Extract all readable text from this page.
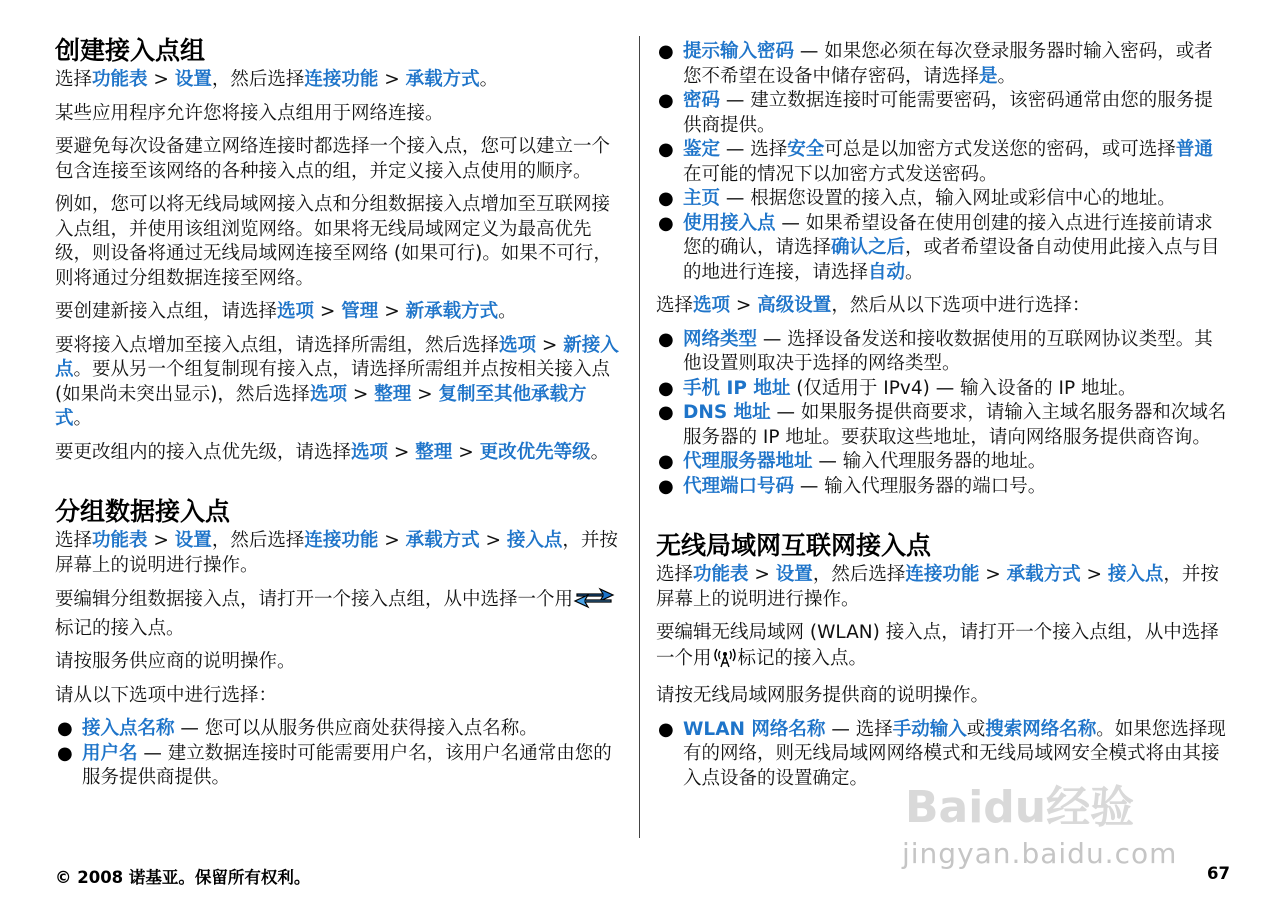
创建接入点组

选择功能表 > 设置，然后选择连接功能 > 承载方式。

某些应用程序允许您将接入点组用于网络连接。

要避免每次设备建立网络连接时都选择一个接入点，您可以建立一个包含连接至该网络的各种接入点的组，并定义接入点使用的顺序。

例如，您可以将无线局域网接入点和分组数据接入点增加至互联网接入点组，并使用该组浏览网络。如果将无线局域网定义为最高优先级，则设备将通过无线局域网连接至网络 (如果可行)。如果不可行，则将通过分组数据连接至网络。

要创建新接入点组，请选择选项 > 管理 > 新承载方式。

要将接入点增加至接入点组，请选择所需组，然后选择选项 > 新接入点。要从另一个组复制现有接入点，请选择所需组并点按相关接入点 (如果尚未突出显示)，然后选择选项 > 整理 > 复制至其他承载方式。

要更改组内的接入点优先级，请选择选项 > 整理 > 更改优先等级。

分组数据接入点

选择功能表 > 设置，然后选择连接功能 > 承载方式 > 接入点，并按屏幕上的说明进行操作。

要编辑分组数据接入点，请打开一个接入点组，从中选择一个用标记的接入点。

请按服务供应商的说明操作。

请从以下选项中进行选择：

● 接入点名称 — 您可以从服务供应商处获得接入点名称。
● 用户名 — 建立数据连接时可能需要用户名，该用户名通常由您的服务提供商提供。
● 提示输入密码 — 如果您必须在每次登录服务器时输入密码，或者您不希望在设备中储存密码，请选择是。
● 密码 — 建立数据连接时可能需要密码，该密码通常由您的服务提供商提供。
● 鉴定 — 选择安全可总是以加密方式发送您的密码，或可选择普通在可能的情况下以加密方式发送密码。
● 主页 — 根据您设置的接入点，输入网址或彩信中心的地址。
● 使用接入点 — 如果希望设备在使用创建的接入点进行连接前请求您的确认，请选择确认之后，或者希望设备自动使用此接入点与目的地进行连接，请选择自动。

选择选项 > 高级设置，然后从以下选项中进行选择：

● 网络类型 — 选择设备发送和接收数据使用的互联网协议类型。其他设置则取决于选择的网络类型。
● 手机 IP 地址 (仅适用于 IPv4) — 输入设备的 IP 地址。
● DNS 地址 — 如果服务提供商要求，请输入主域名服务器和次域名服务器的 IP 地址。要获取这些地址，请向网络服务提供商咨询。
● 代理服务器地址 — 输入代理服务器的地址。
● 代理端口号码 — 输入代理服务器的端口号。
无线局域网互联网接入点

选择功能表 > 设置，然后选择连接功能 > 承载方式 > 接入点，并按屏幕上的说明进行操作。

要编辑无线局域网 (WLAN) 接入点，请打开一个接入点组，从中选择一个用 标记的接入点。

请按无线局域网服务提供商的说明操作。

● WLAN 网络名称 — 选择手动输入或搜索网络名称。如果您选择现有的网络，则无线局域网网络模式和无线局域网安全模式将由其接入点设备的设置确定。
Baidu经验
jingyan.baidu.com
© 2008 诺基亚。保留所有权利。	67
